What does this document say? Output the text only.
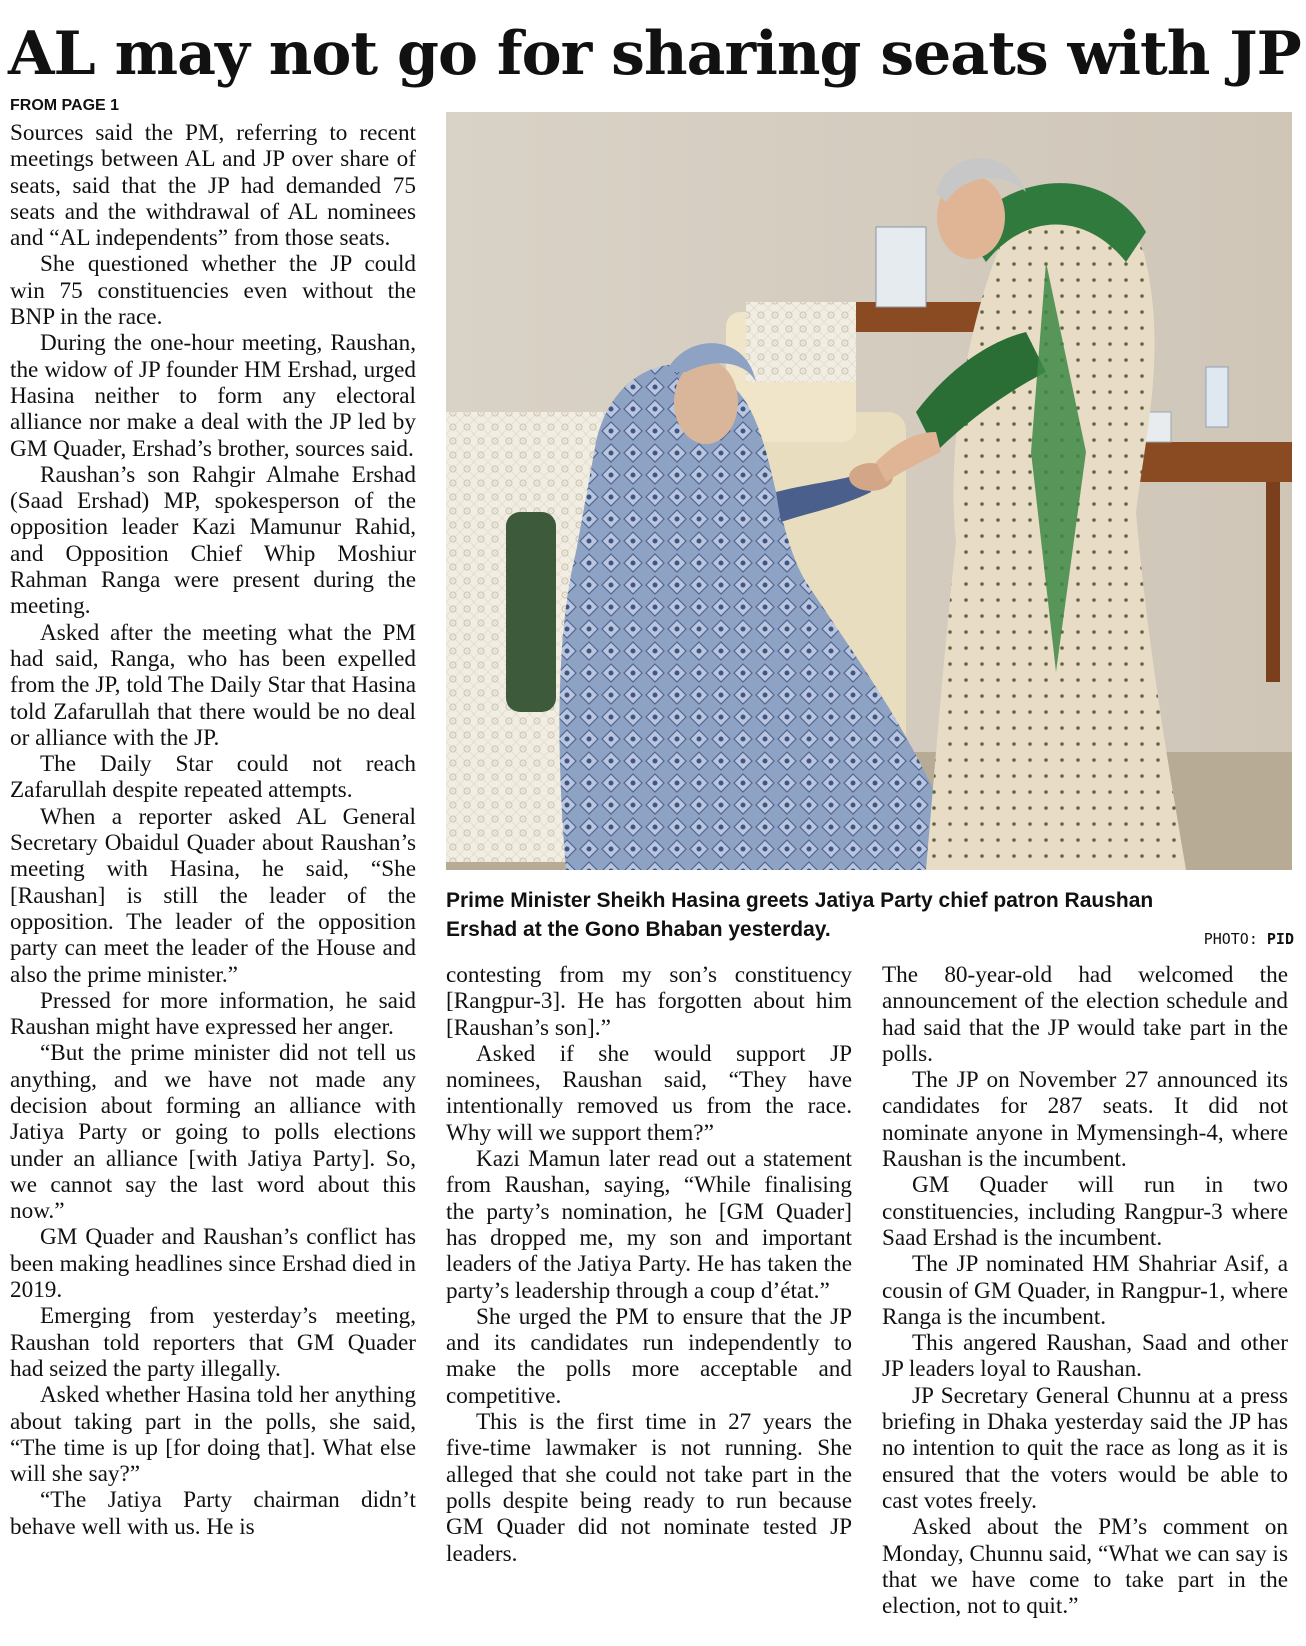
AL may not go for sharing seats with JP
FROM PAGE 1

Sources said the PM, referring to recent meetings between AL and JP over share of seats, said that the JP had demanded 75 seats and the withdrawal of AL nominees and “AL independents” from those seats.

She questioned whether the JP could win 75 constituencies even without the BNP in the race.

During the one-hour meeting, Raushan, the widow of JP founder HM Ershad, urged Hasina neither to form any electoral alliance nor make a deal with the JP led by GM Quader, Ershad’s brother, sources said.

Raushan’s son Rahgir Almahe Ershad (Saad Ershad) MP, spokesperson of the opposition leader Kazi Mamunur Rahid, and Opposition Chief Whip Moshiur Rahman Ranga were present during the meeting.

Asked after the meeting what the PM had said, Ranga, who has been expelled from the JP, told The Daily Star that Hasina told Zafarullah that there would be no deal or alliance with the JP.

The Daily Star could not reach Zafarullah despite repeated attempts.

When a reporter asked AL General Secretary Obaidul Quader about Raushan’s meeting with Hasina, he said, “She [Raushan] is still the leader of the opposition. The leader of the opposition party can meet the leader of the House and also the prime minister.”

Pressed for more information, he said Raushan might have expressed her anger.

“But the prime minister did not tell us anything, and we have not made any decision about forming an alliance with Jatiya Party or going to polls elections under an alliance [with Jatiya Party]. So, we cannot say the last word about this now.”

GM Quader and Raushan’s conflict has been making headlines since Ershad died in 2019.

Emerging from yesterday’s meeting, Raushan told reporters that GM Quader had seized the party illegally.

Asked whether Hasina told her anything about taking part in the polls, she said, “The time is up [for doing that]. What else will she say?”

“The Jatiya Party chairman didn’t behave well with us. He is

Prime Minister Sheikh Hasina greets Jatiya Party chief patron Raushan Ershad at the Gono Bhaban yesterday.	PHOTO: PID

contesting from my son’s constituency [Rangpur-3]. He has forgotten about him [Raushan’s son].”

Asked if she would support JP nominees, Raushan said, “They have intentionally removed us from the race. Why will we support them?”

Kazi Mamun later read out a statement from Raushan, saying, “While finalising the party’s nomination, he [GM Quader] has dropped me, my son and important leaders of the Jatiya Party. He has taken the party’s leadership through a coup d’état.”

She urged the PM to ensure that the JP and its candidates run independently to make the polls more acceptable and competitive.

This is the first time in 27 years the five-time lawmaker is not running. She alleged that she could not take part in the polls despite being ready to run because GM Quader did not nominate tested JP leaders.

The 80-year-old had welcomed the announcement of the election schedule and had said that the JP would take part in the polls.

The JP on November 27 announced its candidates for 287 seats. It did not nominate anyone in Mymensingh-4, where Raushan is the incumbent.

GM Quader will run in two constituencies, including Rangpur-3 where Saad Ershad is the incumbent.

The JP nominated HM Shahriar Asif, a cousin of GM Quader, in Rangpur-1, where Ranga is the incumbent.

This angered Raushan, Saad and other JP leaders loyal to Raushan.

JP Secretary General Chunnu at a press briefing in Dhaka yesterday said the JP has no intention to quit the race as long as it is ensured that the voters would be able to cast votes freely.

Asked about the PM’s comment on Monday, Chunnu said, “What we can say is that we have come to take part in the election, not to quit.”
